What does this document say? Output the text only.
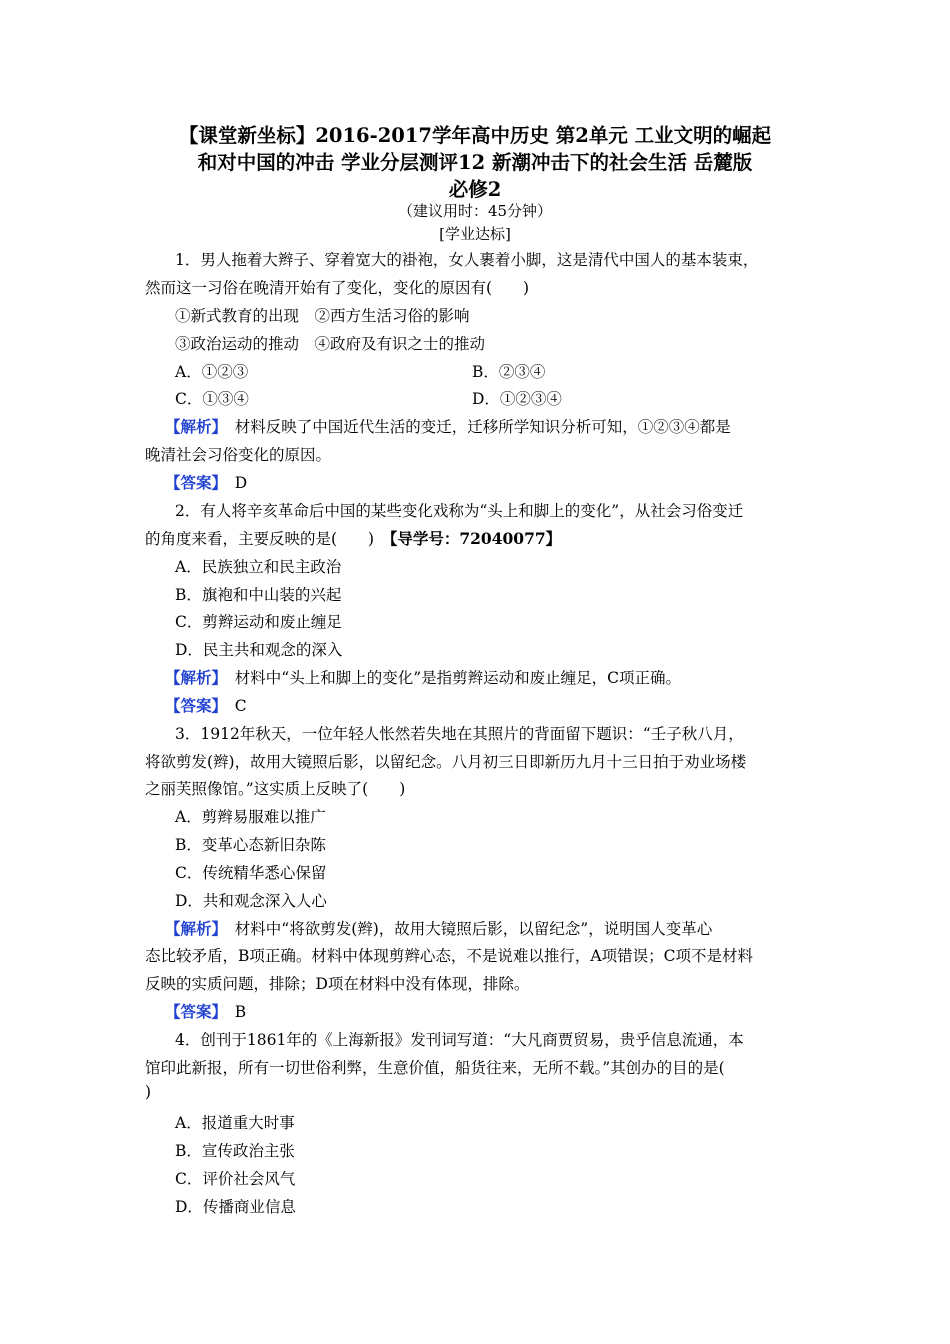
【课堂新坐标】2016-2017学年高中历史 第2单元 工业文明的崛起
和对中国的冲击 学业分层测评12 新潮冲击下的社会生活 岳麓版
必修2
（建议用时：45分钟）
[学业达标]
1．男人拖着大辫子、穿着宽大的褂袍，女人裹着小脚，这是清代中国人的基本装束，
然而这一习俗在晚清开始有了变化，变化的原因有(　　)
①新式教育的出现　②西方生活习俗的影响
③政治运动的推动　④政府及有识之士的推动
A．①②③	B．②③④
C．①③④	D．①②③④
【解析】　 材料反映了中国近代生活的变迁，迁移所学知识分析可知，①②③④都是
晚清社会习俗变化的原因。
【答案】　 D
2．有人将辛亥革命后中国的某些变化戏称为“头上和脚上的变化”，从社会习俗变迁
的角度来看，主要反映的是(　　)　【导学号：72040077】
A．民族独立和民主政治
B．旗袍和中山装的兴起
C．剪辫运动和废止缠足
D．民主共和观念的深入
【解析】　 材料中“头上和脚上的变化”是指剪辫运动和废止缠足，C项正确。
【答案】　 C
3．1912年秋天，一位年轻人怅然若失地在其照片的背面留下题识：“壬子秋八月，
将欲剪发(辫)，故用大镜照后影，以留纪念。八月初三日即新历九月十三日拍于劝业场楼
之丽芙照像馆。”这实质上反映了(　　)
A．剪辫易服难以推广
B．变革心态新旧杂陈
C．传统精华悉心保留
D．共和观念深入人心
【解析】　 材料中“将欲剪发(辫)，故用大镜照后影，以留纪念”，说明国人变革心
态比较矛盾，B项正确。材料中体现剪辫心态，不是说难以推行，A项错误；C项不是材料
反映的实质问题，排除；D项在材料中没有体现，排除。
【答案】　 B
4．创刊于1861年的《上海新报》发刊词写道：“大凡商贾贸易，贵乎信息流通，本
馆印此新报，所有一切世俗利弊，生意价值，船货往来，无所不载。”其创办的目的是(
)
A．报道重大时事
B．宣传政治主张
C．评价社会风气
D．传播商业信息
